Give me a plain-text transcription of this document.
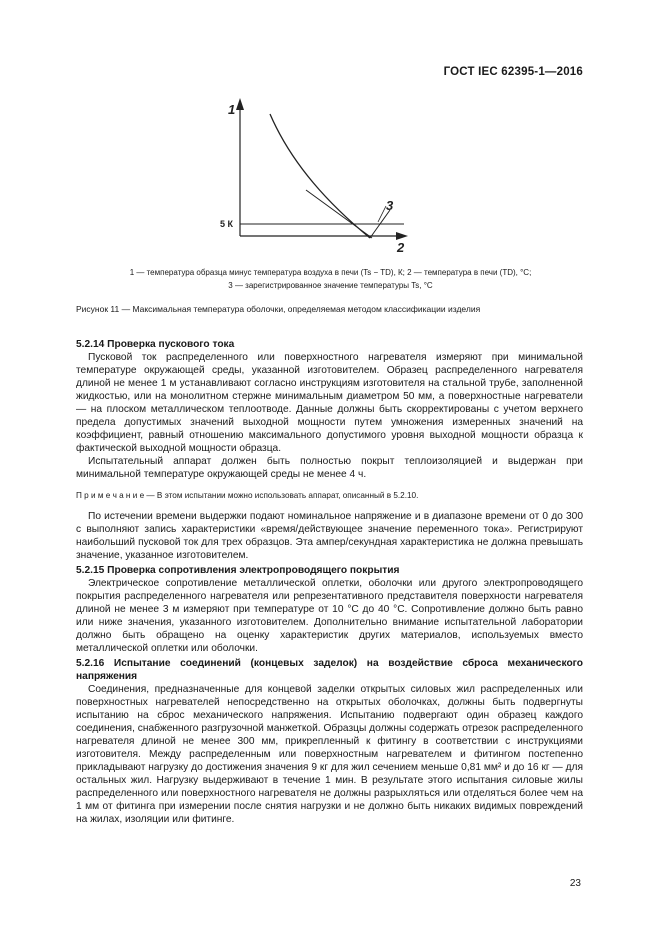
ГОСТ IEC 62395-1—2016
1
2
3
5 К
1 — температура образца минус температура воздуха в печи (Ts − TD), К; 2 — температура в печи (TD), °C;
3 — зарегистрированное значение температуры Ts, °C
Рисунок 11 — Максимальная температура оболочки, определяемая методом классификации изделия

5.2.14 Проверка пускового тока

Пусковой ток распределенного или поверхностного нагревателя измеряют при минимальной температуре окружающей среды, указанной изготовителем. Образец распределенного нагревателя длиной не менее 1 м устанавливают согласно инструкциям изготовителя на стальной трубе, заполненной жидкостью, или на монолитном стержне минимальным диаметром 50 мм, а поверхностные нагреватели — на плоском металлическом теплоотводе. Данные должны быть скорректированы с учетом верхнего предела допустимых значений выходной мощности путем умножения измеренных значений на коэффициент, равный отношению максимального допустимого уровня выходной мощности образца к фактической выходной мощности образца.

Испытательный аппарат должен быть полностью покрыт теплоизоляцией и выдержан при минимальной температуре окружающей среды не менее 4 ч.

П р и м е ч а н и е — В этом испытании можно использовать аппарат, описанный в 5.2.10.

По истечении времени выдержки подают номинальное напряжение и в диапазоне времени от 0 до 300 с выполняют запись характеристики «время/действующее значение переменного тока». Регистрируют наибольший пусковой ток для трех образцов. Эта ампер/секундная характеристика не должна превышать значение, указанное изготовителем.

5.2.15 Проверка сопротивления электропроводящего покрытия

Электрическое сопротивление металлической оплетки, оболочки или другого электропроводящего покрытия распределенного нагревателя или репрезентативного представителя поверхности нагревателя длиной не менее 3 м измеряют при температуре от 10 °С до 40 °С. Сопротивление должно быть равно или ниже значения, указанного изготовителем. Дополнительно внимание испытательной лаборатории должно быть обращено на оценку характеристик других материалов, используемых вместо металлической оплетки или оболочки.

5.2.16 Испытание соединений (концевых заделок) на воздействие сброса механического напряжения

Соединения, предназначенные для концевой заделки открытых силовых жил распределенных или поверхностных нагревателей непосредственно на открытых оболочках, должны быть подвергнуты испытанию на сброс механического напряжения. Испытанию подвергают один образец каждого соединения, снабженного разгрузочной манжеткой. Образцы должны содержать отрезок распределенного нагревателя длиной не менее 300 мм, прикрепленный к фитингу в соответствии с инструкциями изготовителя. Между распределенным или поверхностным нагревателем и фитингом постепенно прикладывают нагрузку до достижения значения 9 кг для жил сечением меньше 0,81 мм² и до 16 кг — для остальных жил. Нагрузку выдерживают в течение 1 мин. В результате этого испытания силовые жилы распределенного или поверхностного нагревателя не должны разрыхляться или отделяться более чем на 1 мм от фитинга при измерении после снятия нагрузки и не должно быть никаких видимых повреждений на жилах, изоляции или фитинге.

23
